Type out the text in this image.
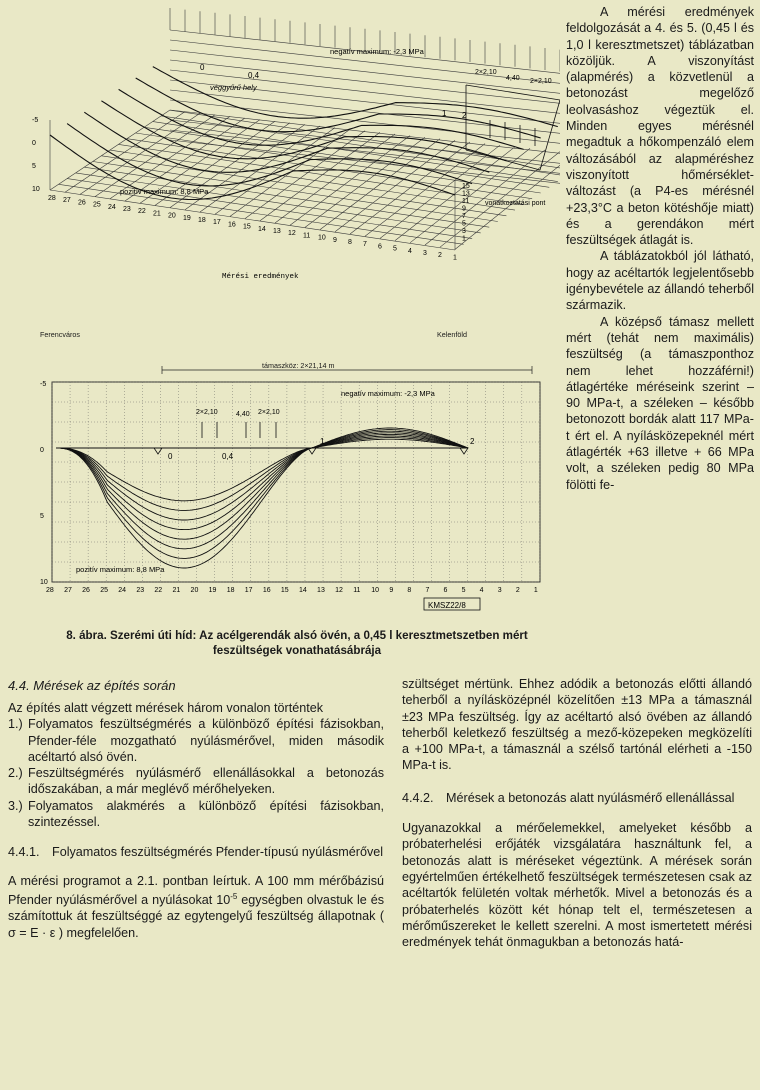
negatív maximum: -2,3 MPa
pozitív maximum: 8,8 MPa
véggyűrű hely
0
0,4
1 2
2×2,10
4,40 2×2,10
vonatkoztatási pont
Mérési eredmények
-5
0
5
10
28 27 26 25 24 23 22 21 20 19 18 17 16 15 14 13 12 11 10 9 8 7 6 5 4 3 2 1
15
13
11
9
7
5
3
1
Ferencváros	Kelenföld
támaszköz: 2×21,14 m
-5
0
5
10
28 27 26 25 24 23 22 21 20 19 18 17 16 15 14 13 12 11 10 9 8 7 6 5 4 3 2 1
negatív maximum: -2,3 MPa
pozitív maximum: 8,8 MPa
2×2,10	4,40 2×2,10
0	0,4
1	2
KMSZ22/8

A mérési eredmények feldolgozását a 4. és 5. (0,45 l és 1,0 l keresztmetszet) táblázatban közöljük. A viszonyítást (alapmérés) a közvetlenül a betonozást megelőző leolvasáshoz végeztük el. Minden egyes mérésnél megadtuk a hőkompenzáló elem változásából az alapméréshez viszonyított hőmérséklet-változást (a P4-es mérésnél +23,3°C a beton kötéshője miatt) és a gerendákon mért feszültségek átlagát is.

A táblázatokból jól látható, hogy az acéltartók legjelentősebb igénybevétele az állandó teherből származik.

A középső támasz mellett mért (tehát nem maximális) feszültség (a támaszponthoz nem lehet hozzáférni!) átlagértéke méréseink szerint – 90 MPa-t, a széleken – később betonozott bordák alatt 117 MPa-t ért el. A nyílásközepeknél mért átlagérték +63 illetve + 66 MPa volt, a széleken pedig 80 MPa fölötti fe-

8. ábra. Szerémi úti híd: Az acélgerendák alsó övén, a 0,45 l keresztmetszetben mért
feszültségek vonathatásábrája
4.4. Mérések az építés során

Az építés alatt végzett mérések három vonalon történtek

1.) Folyamatos feszültségmérés a különböző építési fázisokban, Pfender-féle mozgatható nyúlásmérővel, miden második acéltartó alsó övén.
2.) Feszültségmérés nyúlásmérő ellenállásokkal a betonozás időszakában, a már meglévő mérőhelyeken.
3.) Folyamatos alakmérés a különböző építési fázisokban, szintezéssel.
4.4.1. Folyamatos feszültségmérés Pfender-típusú nyúlásmérővel

A mérési programot a 2.1. pontban leírtuk. A 100 mm mérőbázisú Pfender nyúlásmérővel a nyúlásokat $10^{-5}$ egységben olvastuk le és számítottuk át feszültséggé az egytengelyű feszültség állapotnak ( σ = E · ε ) megfelelően.

szültséget mértünk. Ehhez adódik a betonozás előtti állandó teherből a nyílásközépnél közelítően ±13 MPa a támasznál ±23 MPa feszültség. Így az acéltartó alsó övében az állandó teherből keletkező feszültség a mező-közepeken megközelíti a +100 MPa-t, a támasznál a szélső tartónál elérheti a -150 MPa-t is.

4.4.2. Mérések a betonozás alatt nyúlásmérő ellenállással

Ugyanazokkal a mérőelemekkel, amelyeket később a próbaterhelési erőjáték vizsgálatára használtunk fel, a betonozás alatt is méréseket végeztünk. A mérések során egyértelműen értékelhető feszültségek természetesen csak az acéltartók felületén voltak mérhetők. Mivel a betonozás és a próbaterhelés között két hónap telt el, természetesen a mérőműszereket le kellett szerelni. A most ismertetett mérési eredmények tehát önmagukban a betonozás hatá-
